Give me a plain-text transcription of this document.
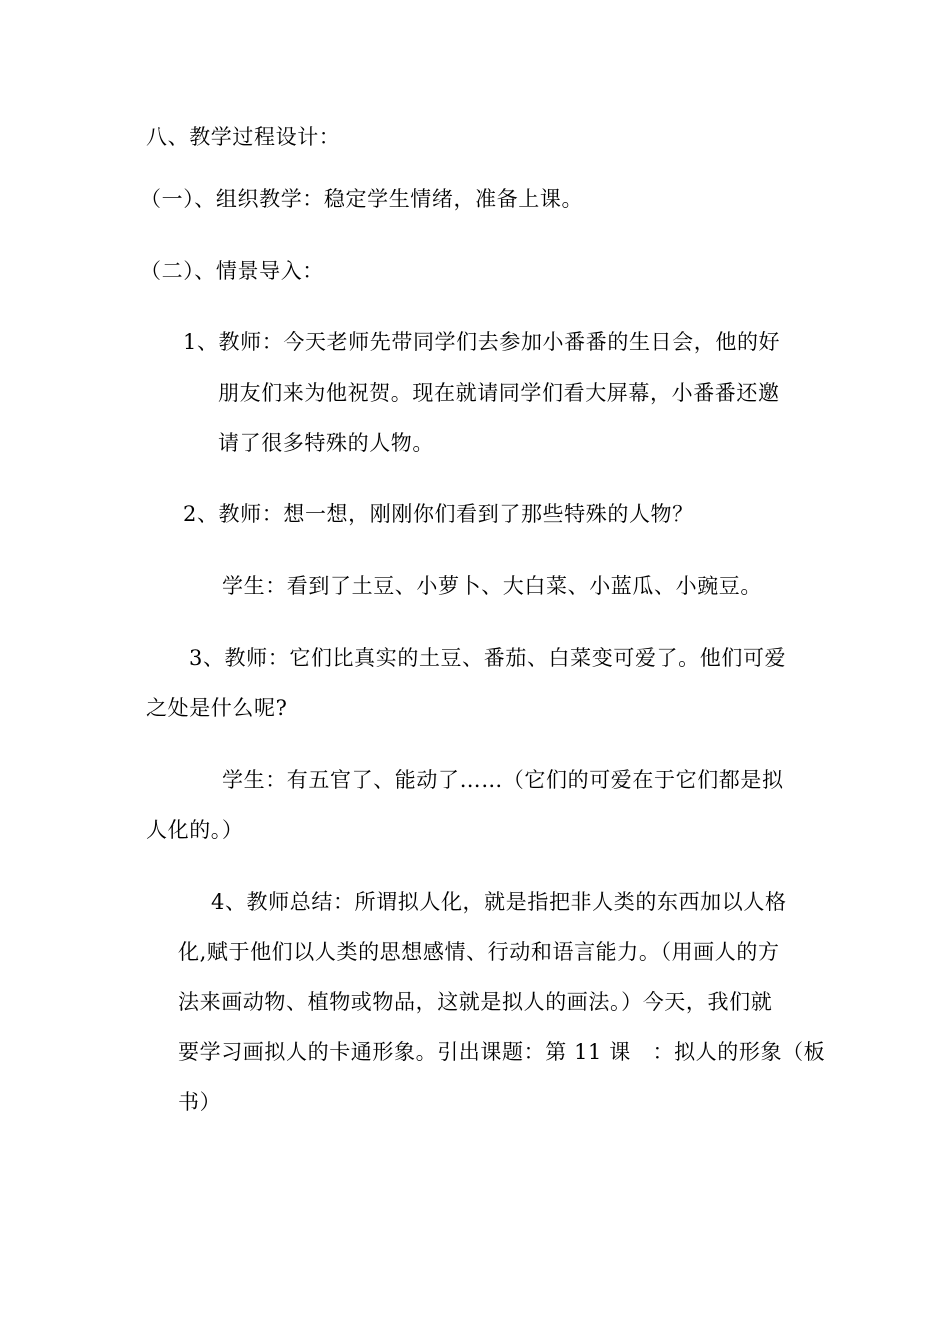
八、教学过程设计：
（一）、组织教学：稳定学生情绪，准备上课。
（二）、情景导入：
1、教师：今天老师先带同学们去参加小番番的生日会，他的好
朋友们来为他祝贺。现在就请同学们看大屏幕，小番番还邀
请了很多特殊的人物。
2、教师：想一想，刚刚你们看到了那些特殊的人物？
学生：看到了土豆、小萝卜、大白菜、小蓝瓜、小豌豆。
3、教师：它们比真实的土豆、番茄、白菜变可爱了。他们可爱
之处是什么呢?
学生：有五官了、能动了……（它们的可爱在于它们都是拟
人化的。）
4、教师总结：所谓拟人化，就是指把非人类的东西加以人格
化,赋于他们以人类的思想感情、行动和语言能力。（用画人的方
法来画动物、植物或物品，这就是拟人的画法。）今天，我们就
要学习画拟人的卡通形象。引出课题：第 11 课　：拟人的形象（板
书）
